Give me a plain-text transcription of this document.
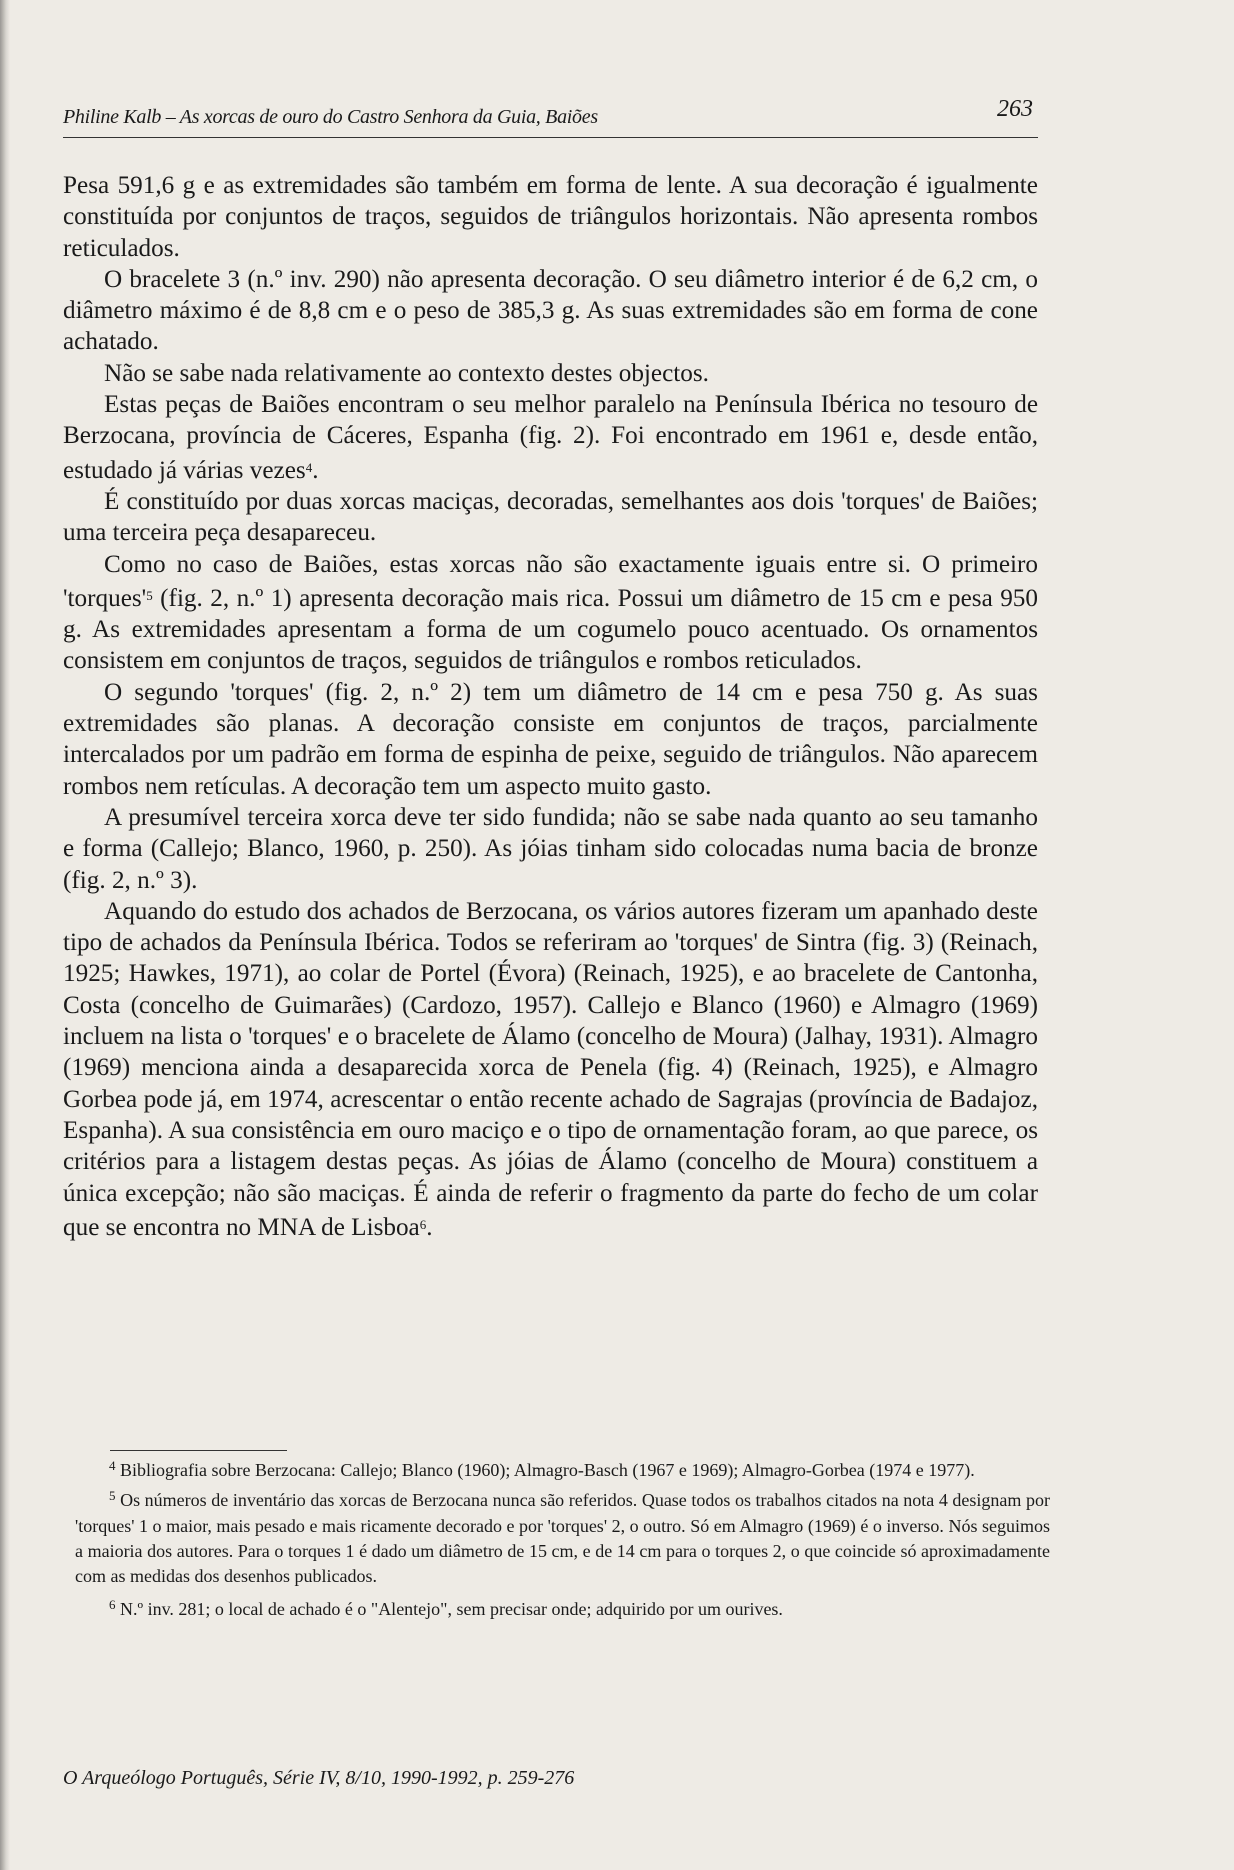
Philine Kalb – As xorcas de ouro do Castro Senhora da Guia, Baiões	263

Pesa 591,6 g e as extremidades são também em forma de lente. A sua decoração é igualmente constituída por conjuntos de traços, seguidos de triângulos horizontais. Não apresenta rombos reticulados.

O bracelete 3 (n.º inv. 290) não apresenta decoração. O seu diâmetro interior é de 6,2 cm, o diâmetro máximo é de 8,8 cm e o peso de 385,3 g. As suas extremidades são em forma de cone achatado.

Não se sabe nada relativamente ao contexto destes objectos.

Estas peças de Baiões encontram o seu melhor paralelo na Península Ibérica no tesouro de Berzocana, província de Cáceres, Espanha (fig. 2). Foi encontrado em 1961 e, desde então, estudado já várias vezes$^4$.

É constituído por duas xorcas maciças, decoradas, semelhantes aos dois 'torques' de Baiões; uma terceira peça desapareceu.

Como no caso de Baiões, estas xorcas não são exactamente iguais entre si. O primeiro 'torques'$^5$ (fig. 2, n.º 1) apresenta decoração mais rica. Possui um diâmetro de 15 cm e pesa 950 g. As extremidades apresentam a forma de um cogumelo pouco acentuado. Os ornamentos consistem em conjuntos de traços, seguidos de triângulos e rombos reticulados.

O segundo 'torques' (fig. 2, n.º 2) tem um diâmetro de 14 cm e pesa 750 g. As suas extremidades são planas. A decoração consiste em conjuntos de traços, parcialmente intercalados por um padrão em forma de espinha de peixe, seguido de triângulos. Não aparecem rombos nem retículas. A decoração tem um aspecto muito gasto.

A presumível terceira xorca deve ter sido fundida; não se sabe nada quanto ao seu tamanho e forma (Callejo; Blanco, 1960, p. 250). As jóias tinham sido colocadas numa bacia de bronze (fig. 2, n.º 3).

Aquando do estudo dos achados de Berzocana, os vários autores fizeram um apanhado deste tipo de achados da Península Ibérica. Todos se referiram ao 'torques' de Sintra (fig. 3) (Reinach, 1925; Hawkes, 1971), ao colar de Portel (Évora) (Reinach, 1925), e ao bracelete de Cantonha, Costa (concelho de Guimarães) (Cardozo, 1957). Callejo e Blanco (1960) e Almagro (1969) incluem na lista o 'torques' e o bracelete de Álamo (concelho de Moura) (Jalhay, 1931). Almagro (1969) menciona ainda a desaparecida xorca de Penela (fig. 4) (Reinach, 1925), e Almagro Gorbea pode já, em 1974, acrescentar o então recente achado de Sagrajas (província de Badajoz, Espanha). A sua consistência em ouro maciço e o tipo de ornamentação foram, ao que parece, os critérios para a listagem destas peças. As jóias de Álamo (concelho de Moura) constituem a única excepção; não são maciças. É ainda de referir o fragmento da parte do fecho de um colar que se encontra no MNA de Lisboa$^6$.

$^4$ Bibliografia sobre Berzocana: Callejo; Blanco (1960); Almagro-Basch (1967 e 1969); Almagro-Gorbea (1974 e 1977).

$^5$ Os números de inventário das xorcas de Berzocana nunca são referidos. Quase todos os trabalhos citados na nota 4 designam por 'torques' 1 o maior, mais pesado e mais ricamente decorado e por 'torques' 2, o outro. Só em Almagro (1969) é o inverso. Nós seguimos a maioria dos autores. Para o torques 1 é dado um diâmetro de 15 cm, e de 14 cm para o torques 2, o que coincide só aproximadamente com as medidas dos desenhos publicados.

$^6$ N.º inv. 281; o local de achado é o "Alentejo", sem precisar onde; adquirido por um ourives.

O Arqueólogo Português, Série IV, 8/10, 1990-1992, p. 259-276
